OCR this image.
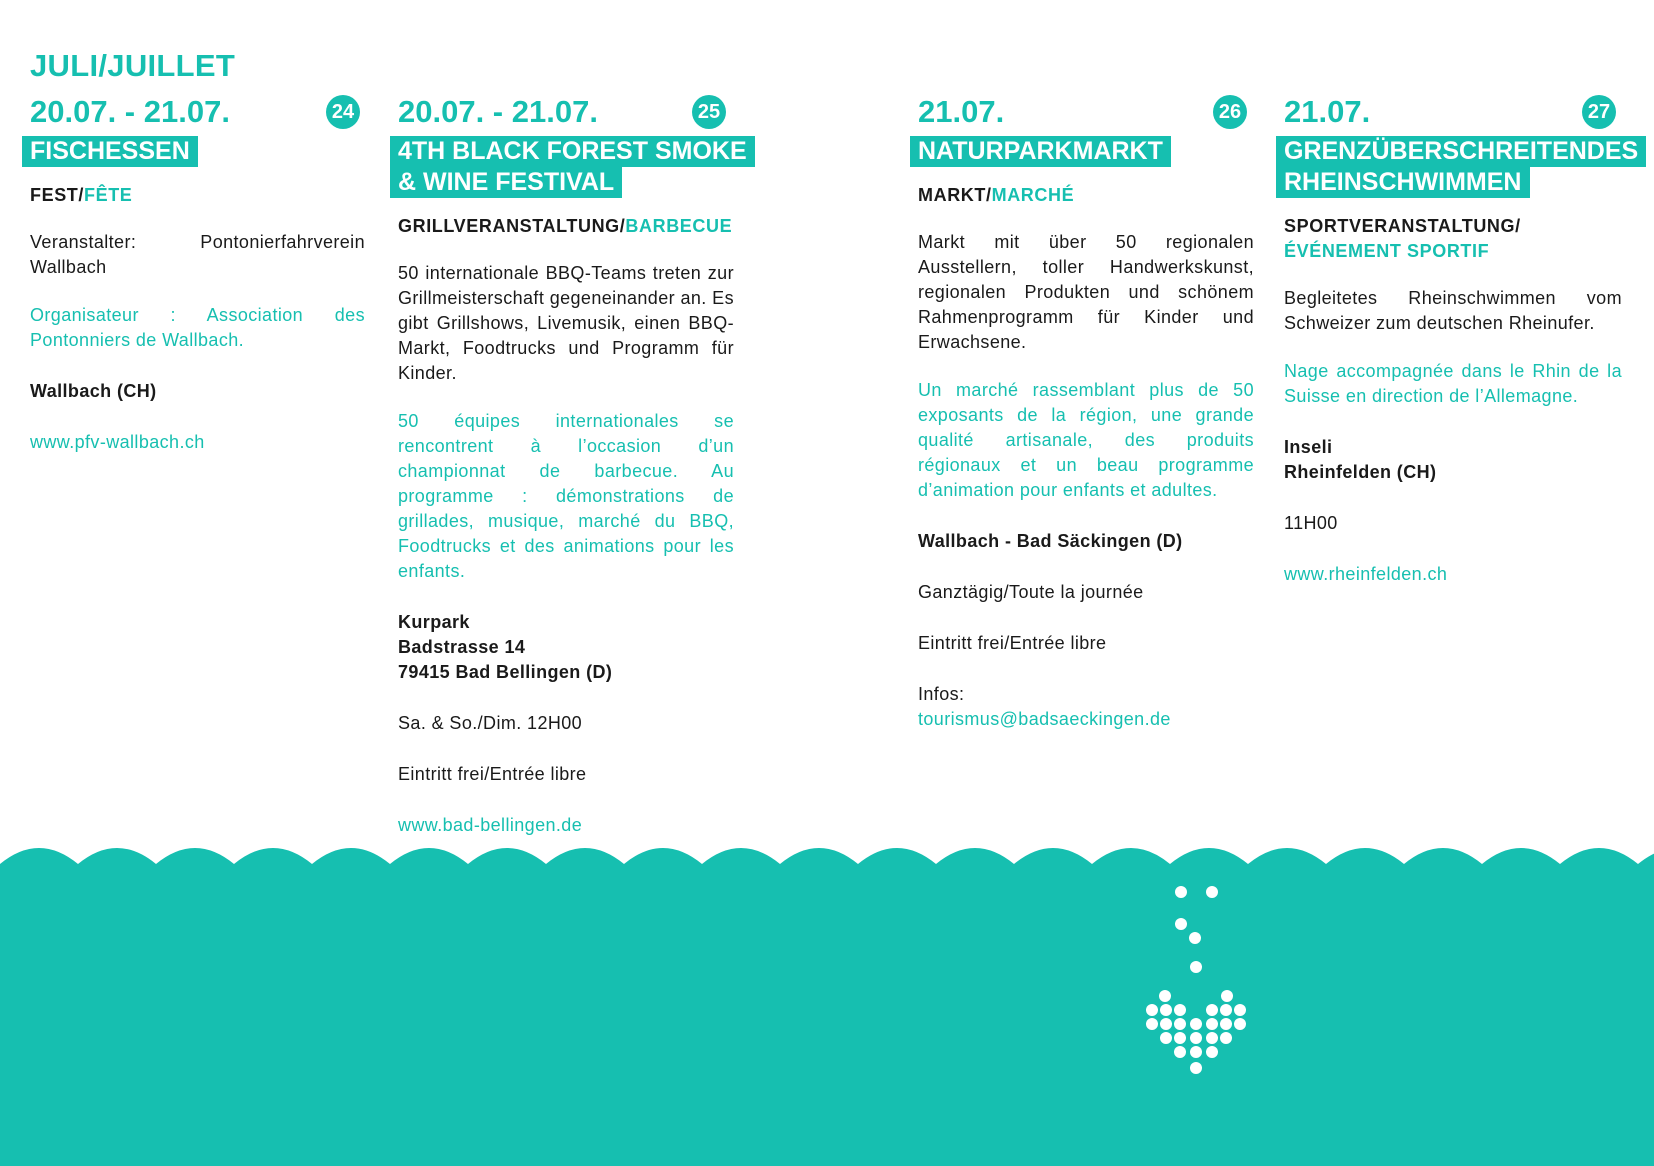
JULI/JUILLET
20.07. - 21.07.	24
FISCHESSEN
FEST/FÊTE

Veranstalter: Pontonierfahrverein Wallbach

Organisateur : Association des Pontonniers de Wallbach.

Wallbach (CH)

www.pfv-wallbach.ch

20.07. - 21.07.	25
4TH BLACK FOREST SMOKE
& WINE FESTIVAL
GRILLVERANSTALTUNG/BARBECUE

50 internationale BBQ-Teams treten zur Grillmeisterschaft gegeneinander an. Es gibt Grillshows, Livemusik, einen BBQ-Markt, Foodtrucks und Programm für Kinder.

50 équipes internationales se rencontrent à l’occasion d’un championnat de barbecue. Au programme : démonstrations de grillades, musique, marché du BBQ, Foodtrucks et des animations pour les enfants.

Kurpark
Badstrasse 14
79415 Bad Bellingen (D)

Sa. & So./Dim. 12H00

Eintritt frei/Entrée libre

www.bad-bellingen.de

21.07.	26
NATURPARKMARKT
MARKT/MARCHÉ

Markt mit über 50 regionalen Ausstellern, toller Handwerkskunst, regionalen Produkten und schönem Rahmenprogramm für Kinder und Erwachsene.

Un marché rassemblant plus de 50 exposants de la région, une grande qualité artisanale, des produits régionaux et un beau programme d’animation pour enfants et adultes.

Wallbach - Bad Säckingen (D)

Ganztägig/Toute la journée

Eintritt frei/Entrée libre

Infos:

tourismus@badsaeckingen.de

21.07.	27
GRENZÜBERSCHREITENDES
RHEINSCHWIMMEN
SPORTVERANSTALTUNG/
ÉVÉNEMENT SPORTIF

Begleitetes Rheinschwimmen vom Schweizer zum deutschen Rheinufer.

Nage accompagnée dans le Rhin de la Suisse en direction de l’Allemagne.

Inseli
Rheinfelden (CH)

11H00

www.rheinfelden.ch
